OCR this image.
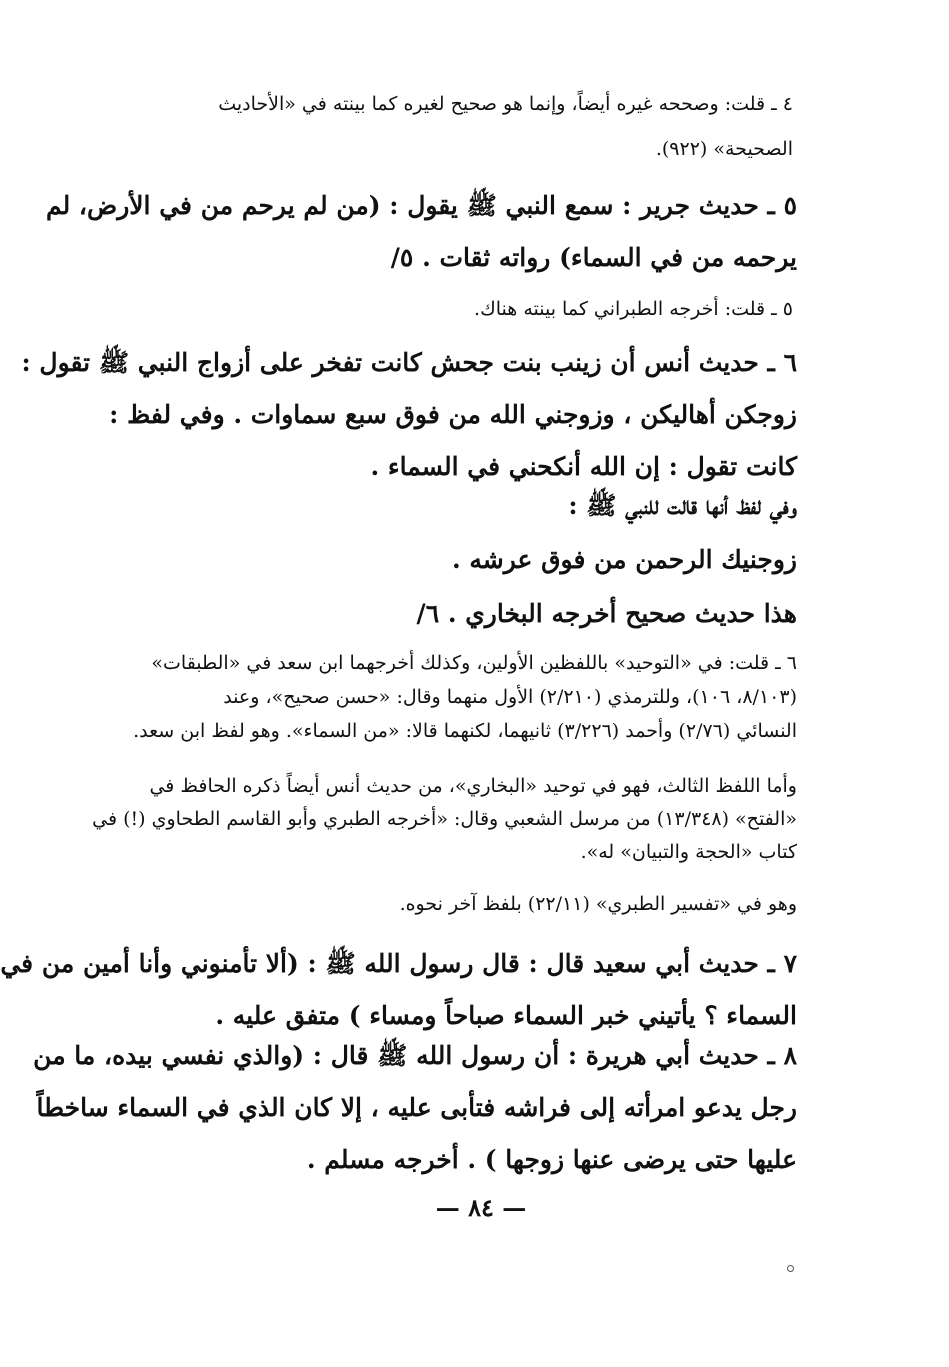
٤ ـ قلت: وصححه غيره أيضاً، وإنما هو صحيح لغيره كما بينته في «الأحاديث
الصحيحة» (٩٢٢).
٥ ـ حديث جرير : سمع النبي ﷺ يقول : (من لم يرحم من في الأرض، لم
يرحمه من في السماء) رواته ثقات . ٥/
٥ ـ قلت: أخرجه الطبراني كما بينته هناك.
٦ ـ حديث أنس أن زينب بنت جحش كانت تفخر على أزواج النبي ﷺ تقول :
زوجكن أهاليكن ، وزوجني الله من فوق سبع سماوات . وفي لفظ :
كانت تقول : إن الله أنكحني في السماء .
وفي لفظ أنها قالت للنبي ﷺ :
زوجنيك الرحمن من فوق عرشه .
هذا حديث صحيح أخرجه البخاري . ٦/
٦ ـ قلت: في «التوحيد» باللفظين الأولين، وكذلك أخرجهما ابن سعد في «الطبقات»
(٨/١٠٣، ١٠٦)، وللترمذي (٢/٢١٠) الأول منهما وقال: «حسن صحيح»، وعند
النسائي (٢/٧٦) وأحمد (٣/٢٢٦) ثانيهما، لكنهما قالا: «من السماء». وهو لفظ ابن سعد.
وأما اللفظ الثالث، فهو في توحيد «البخاري»، من حديث أنس أيضاً ذكره الحافظ في
«الفتح» (١٣/٣٤٨) من مرسل الشعبي وقال: «أخرجه الطبري وأبو القاسم الطحاوي (!) في
كتاب «الحجة والتبيان» له».
وهو في «تفسير الطبري» (٢٢/١١) بلفظ آخر نحوه.
٧ ـ حديث أبي سعيد قال : قال رسول الله ﷺ : (ألا تأمنوني وأنا أمين من في
السماء ؟ يأتيني خبر السماء صباحاً ومساء ) متفق عليه .
٨ ـ حديث أبي هريرة : أن رسول الله ﷺ قال : (والذي نفسي بيده، ما من
رجل يدعو امرأته إلى فراشه فتأبى عليه ، إلا كان الذي في السماء ساخطاً
عليها حتى يرضى عنها زوجها ) . أخرجه مسلم .
— ٨٤ —
